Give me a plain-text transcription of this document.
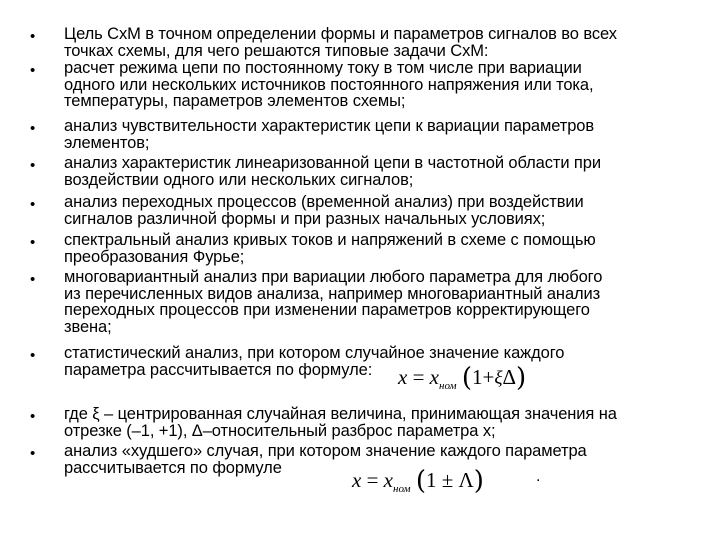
•
•
•
•
•
•
•
•
•
•
Цель СхМ в точном определении формы и параметров сигналов во всех
точках схемы, для чего решаются типовые задачи СхМ:
расчет режима цепи по постоянному току в том числе при вариации
одного или нескольких источников постоянного напряжения или тока,
температуры, параметров элементов схемы;
анализ чувствительности характеристик цепи к вариации параметров
элементов;
анализ характеристик линеаризованной цепи в частотной области при
воздействии одного или нескольких сигналов;
анализ переходных процессов (временной анализ) при воздействии
сигналов различной формы и при разных начальных условиях;
спектральный анализ кривых токов и напряжений в схеме с помощью
преобразования Фурье;
многовариантный анализ при вариации любого параметра для любого
из перечисленных видов анализа, например многовариантный анализ
переходных процессов при изменении параметров корректирующего
звена;
статистический анализ, при котором случайное значение каждого
параметра рассчитывается по формуле:
где ξ – центрированная случайная величина, принимающая значения на
отрезке (–1, +1), Δ–относительный разброс параметра x;
анализ «худшего» случая, при котором значение каждого параметра
рассчитывается по формуле
$x = x_{ном}$ (1+ξΔ)
$x = x_{ном}$ (1 ± Λ)	.
